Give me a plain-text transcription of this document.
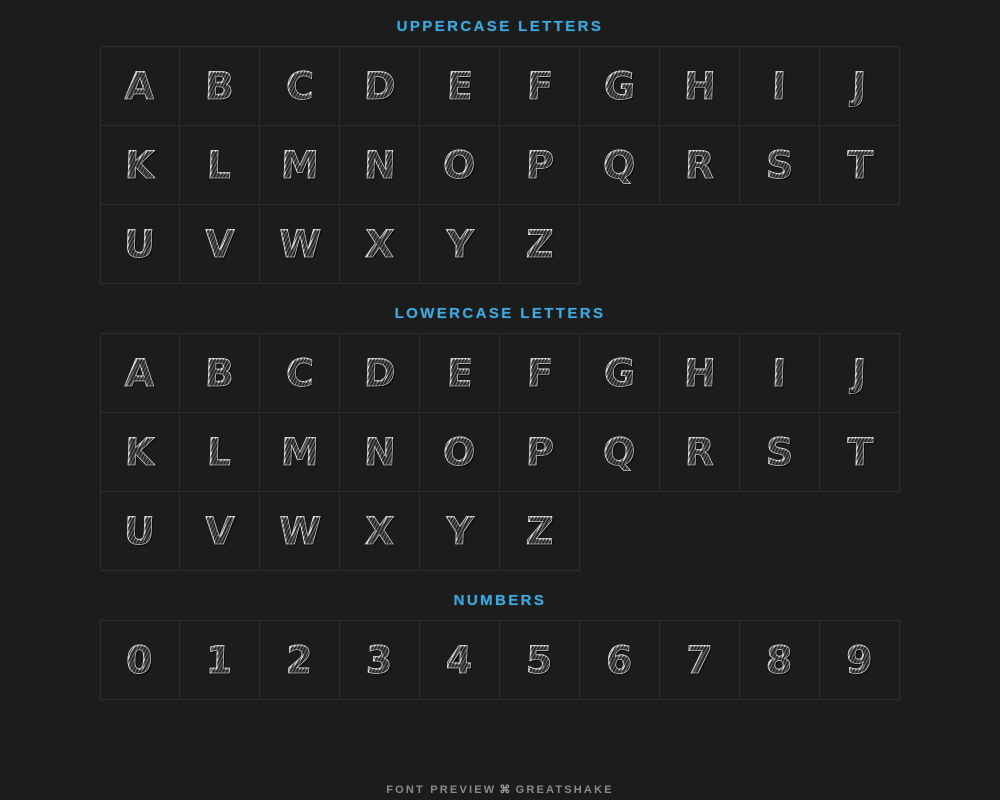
UPPERCASE LETTERS
A B C D E F G H I J
K L M N O P Q R S T
U V W X Y Z
LOWERCASE LETTERS
A B C D E F G H I J
K L M N O P Q R S T
U V W X Y Z
NUMBERS
0 1 2 3 4 5 6 7 8 9
FONT PREVIEW ⌘ GREATSHAKE
